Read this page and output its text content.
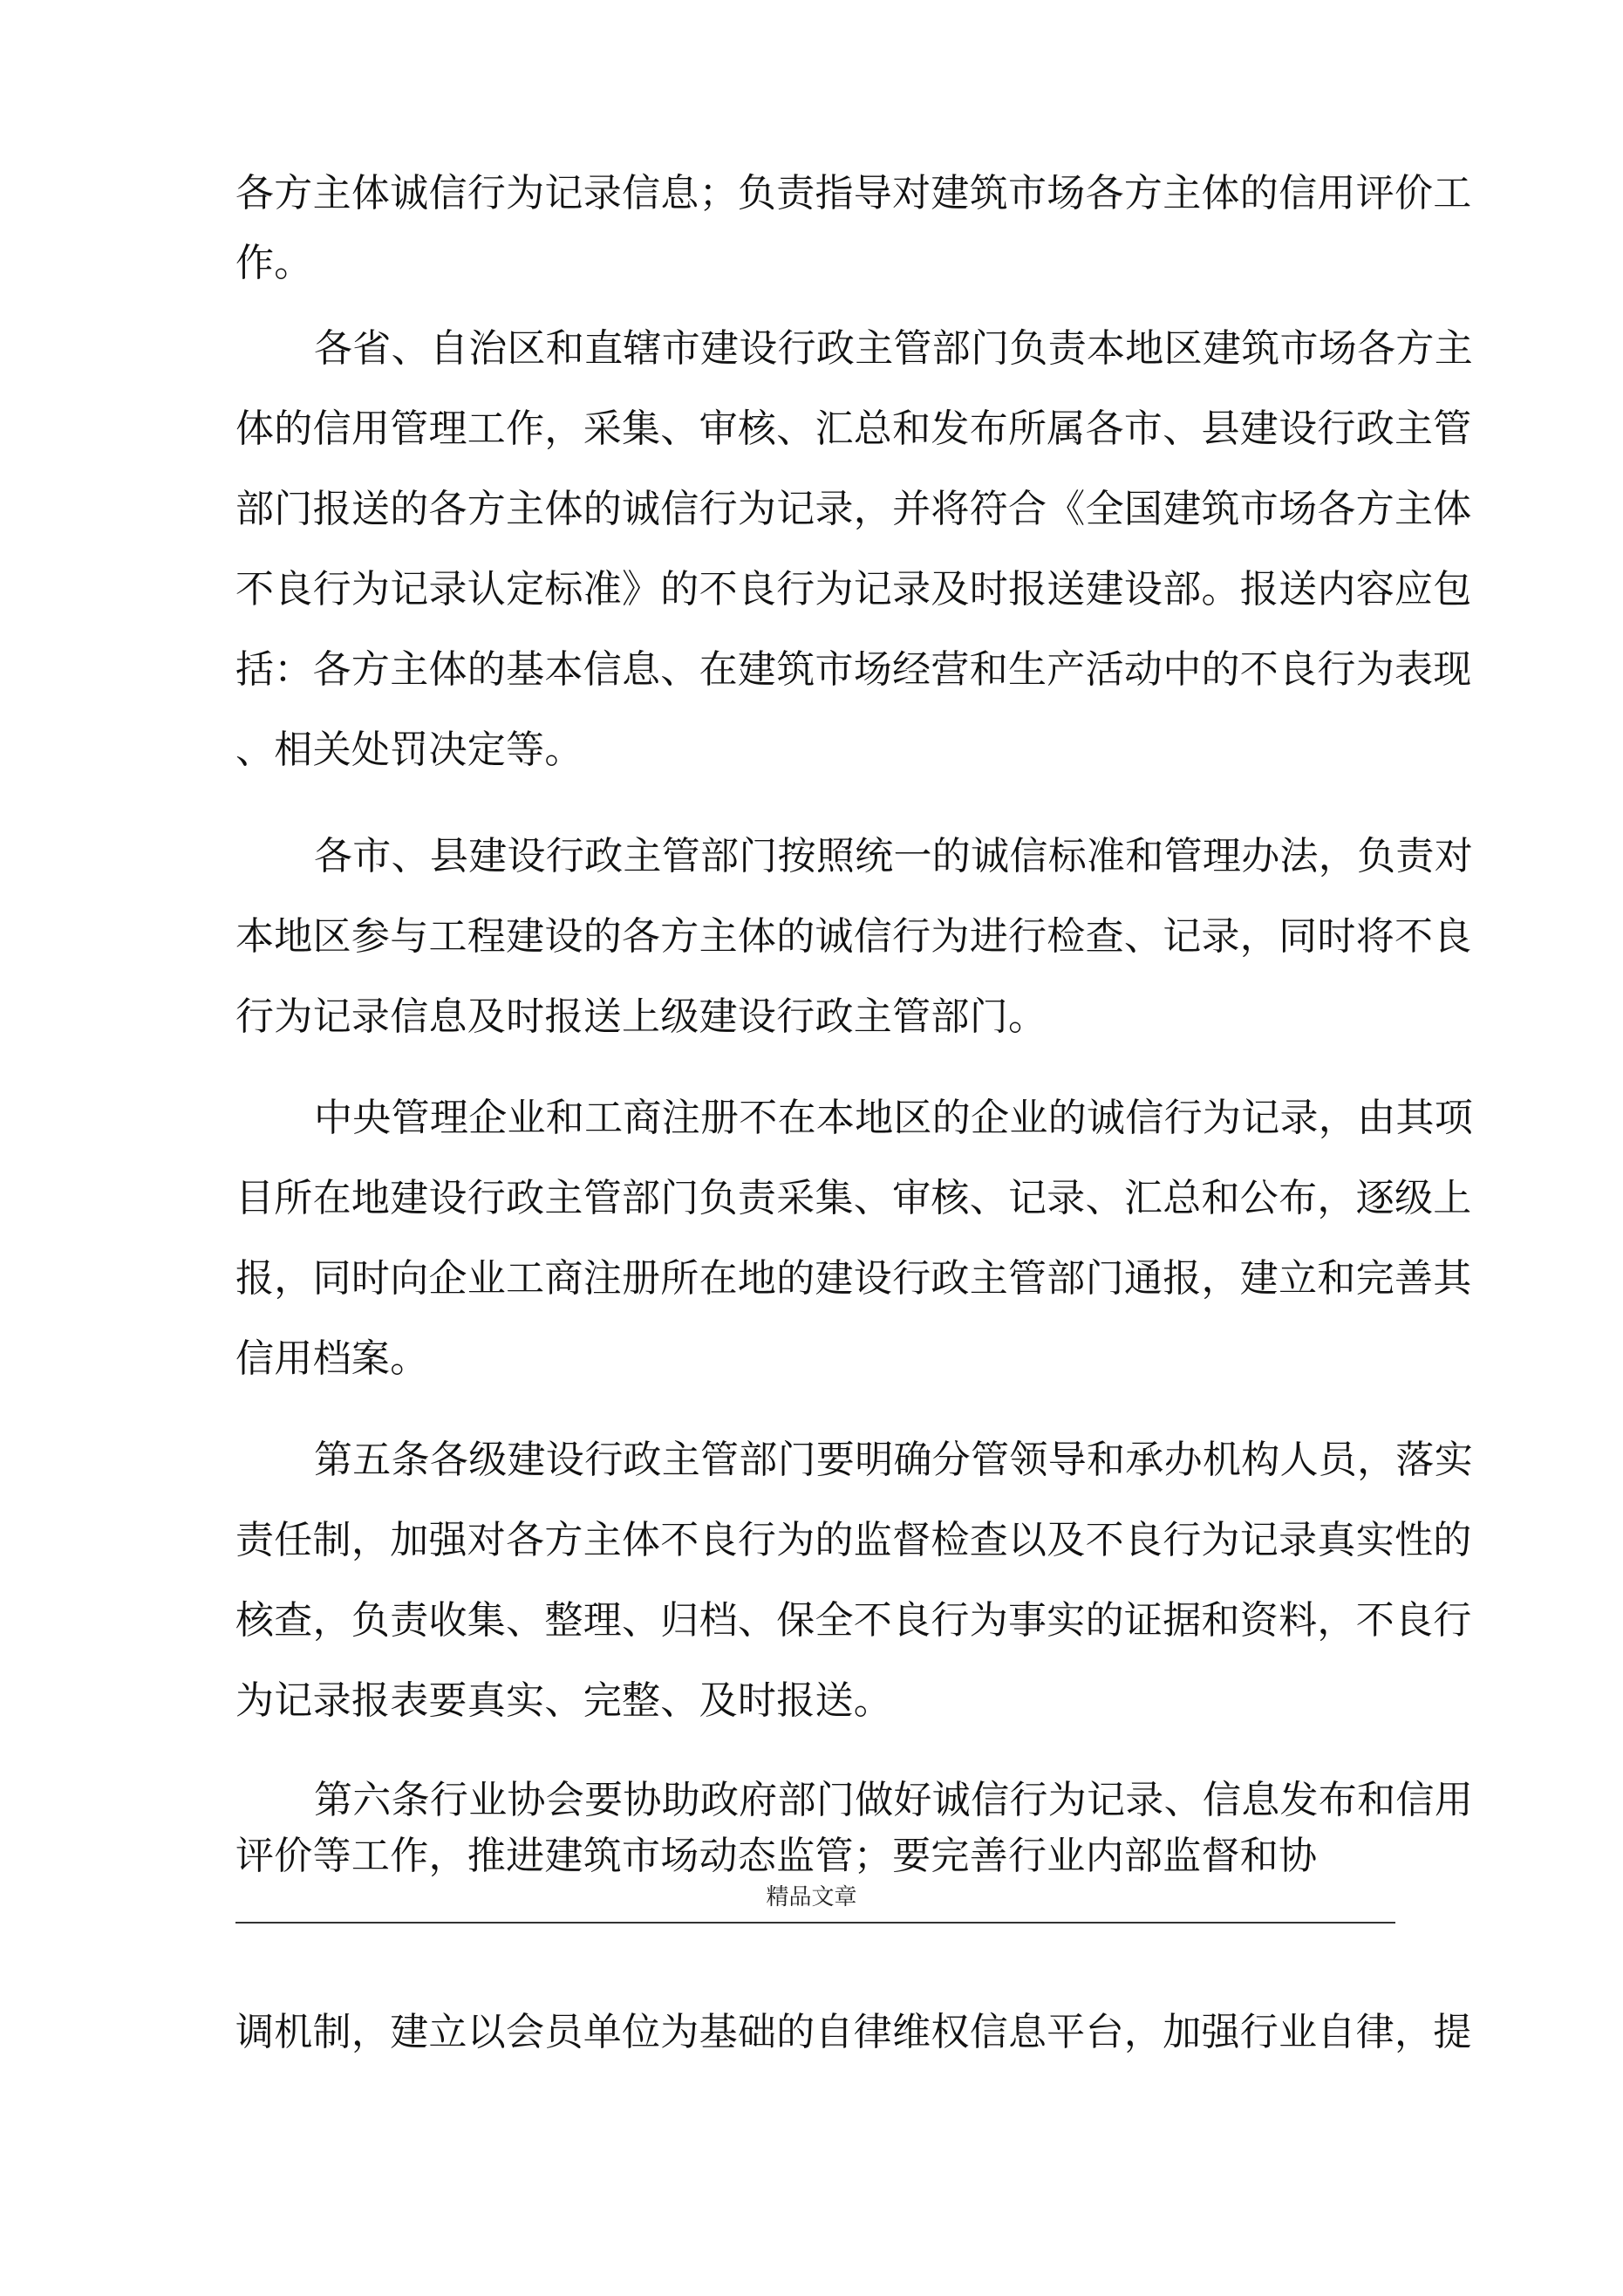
各方主体诚信行为记录信息；负责指导对建筑市场各方主体的信用评价工
作。
各省、自治区和直辖市建设行政主管部门负责本地区建筑市场各方主
体的信用管理工作，采集、审核、汇总和发布所属各市、县建设行政主管
部门报送的各方主体的诚信行为记录，并将符合《全国建筑市场各方主体
不良行为记录认定标准》的不良行为记录及时报送建设部。报送内容应包
括：各方主体的基本信息、在建筑市场经营和生产活动中的不良行为表现
、相关处罚决定等。
各市、县建设行政主管部门按照统一的诚信标准和管理办法，负责对
本地区参与工程建设的各方主体的诚信行为进行检查、记录，同时将不良
行为记录信息及时报送上级建设行政主管部门。
中央管理企业和工商注册不在本地区的企业的诚信行为记录，由其项
目所在地建设行政主管部门负责采集、审核、记录、汇总和公布，逐级上
报，同时向企业工商注册所在地的建设行政主管部门通报，建立和完善其
信用档案。
第五条各级建设行政主管部门要明确分管领导和承办机构人员，落实
责任制，加强对各方主体不良行为的监督检查以及不良行为记录真实性的
核查，负责收集、整理、归档、保全不良行为事实的证据和资料，不良行
为记录报表要真实、完整、及时报送。
第六条行业协会要协助政府部门做好诚信行为记录、信息发布和信用
评价等工作，推进建筑市场动态监管；要完善行业内部监督和协
精品文章
调机制，建立以会员单位为基础的自律维权信息平台，加强行业自律，提
